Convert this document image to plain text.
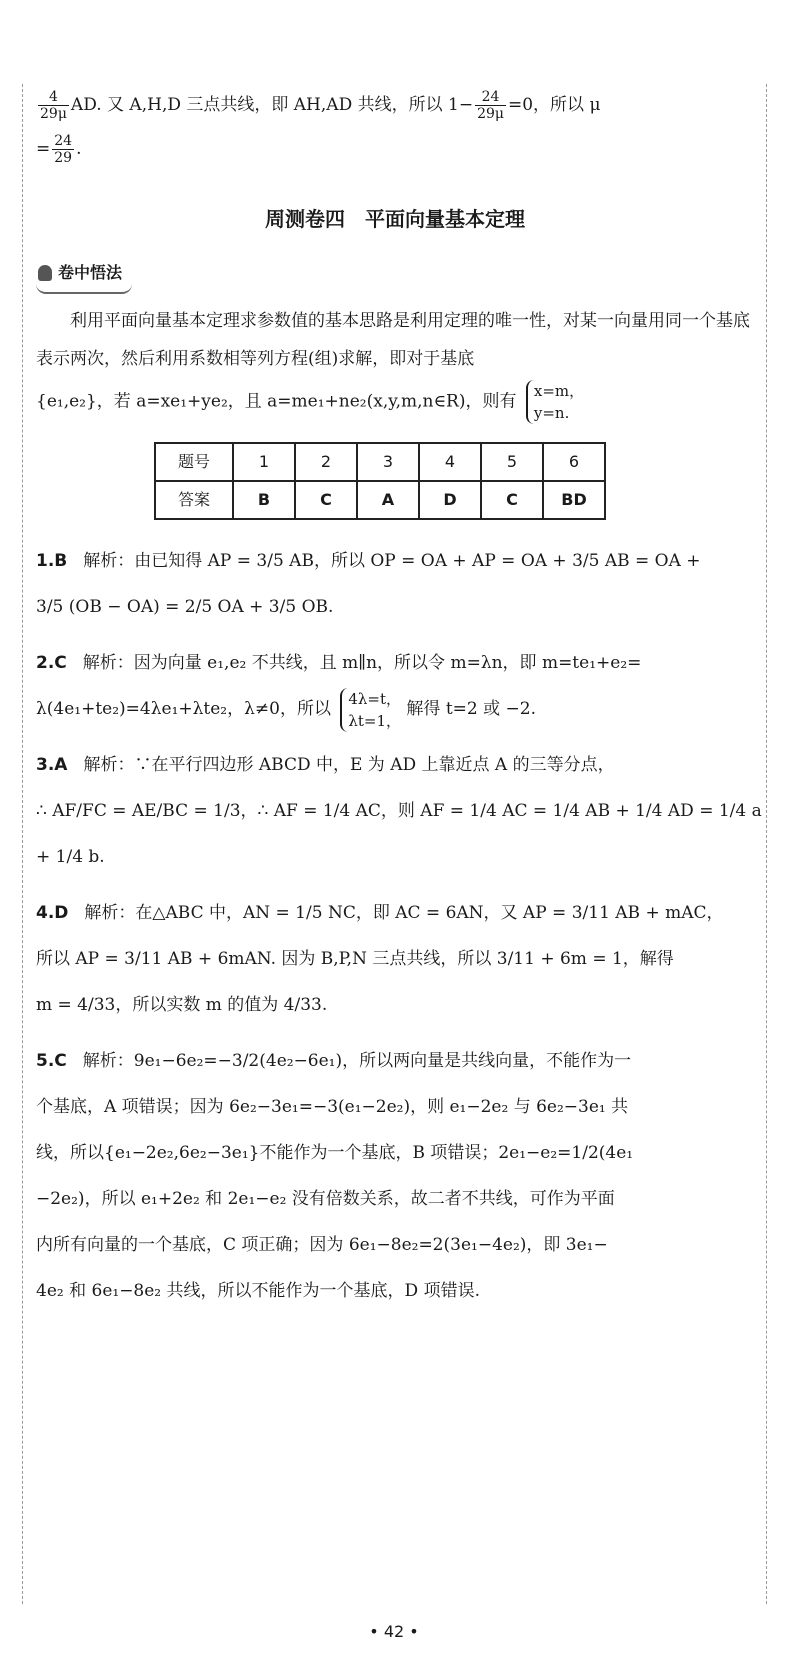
$\frac{4}{29\mu}$ AD. 又 A,H,D 三点共线，即 AH,AD 共线，所以 $1- \frac{24}{29\mu} =0$，所以 μ
= $\frac{24}{29}$ .
周测卷四　平面向量基本定理
卷中悟法
利用平面向量基本定理求参数值的基本思路是利用定理的唯一性，对某一向量用同一个基底表示两次，然后利用系数相等列方程(组)求解，即对于基底
{e₁,e₂}，若 a=xe₁+ye₂，且 a=me₁+ne₂(x,y,m,n∈R)，则有
x=m，
y=n.
题号	1	2	3	4	5	6
答案	B	C	A	D	C	BD
1.B 解析：由已知得 AP = 3/5 AB，所以 OP = OA + AP = OA + 3/5 AB = OA +
3/5 (OB − OA) = 2/5 OA + 3/5 OB.
2.C 解析：因为向量 e₁,e₂ 不共线，且 m∥n，所以令 m=λn，即 m=te₁+e₂=
λ(4e₁+te₂)=4λe₁+λte₂，λ≠0，所以
4λ=t，
λt=1，
解得 t=2 或 −2.
3.A 解析：∵在平行四边形 ABCD 中，E 为 AD 上靠近点 A 的三等分点，
∴ AF/FC = AE/BC = 1/3，∴ AF = 1/4 AC，则 AF = 1/4 AC = 1/4 AB + 1/4 AD = 1/4 a
+ 1/4 b.
4.D 解析：在△ABC 中，AN = 1/5 NC，即 AC = 6AN，又 AP = 3/11 AB + mAC，
所以 AP = 3/11 AB + 6mAN. 因为 B,P,N 三点共线，所以 3/11 + 6m = 1，解得
m = 4/33，所以实数 m 的值为 4/33.
5.C 解析：9e₁−6e₂=−3/2(4e₂−6e₁)，所以两向量是共线向量，不能作为一
个基底，A 项错误；因为 6e₂−3e₁=−3(e₁−2e₂)，则 e₁−2e₂ 与 6e₂−3e₁ 共
线，所以{e₁−2e₂,6e₂−3e₁}不能作为一个基底，B 项错误；2e₁−e₂=1/2(4e₁
−2e₂)，所以 e₁+2e₂ 和 2e₁−e₂ 没有倍数关系，故二者不共线，可作为平面
内所有向量的一个基底，C 项正确；因为 6e₁−8e₂=2(3e₁−4e₂)，即 3e₁−
4e₂ 和 6e₁−8e₂ 共线，所以不能作为一个基底，D 项错误.
• 42 •
